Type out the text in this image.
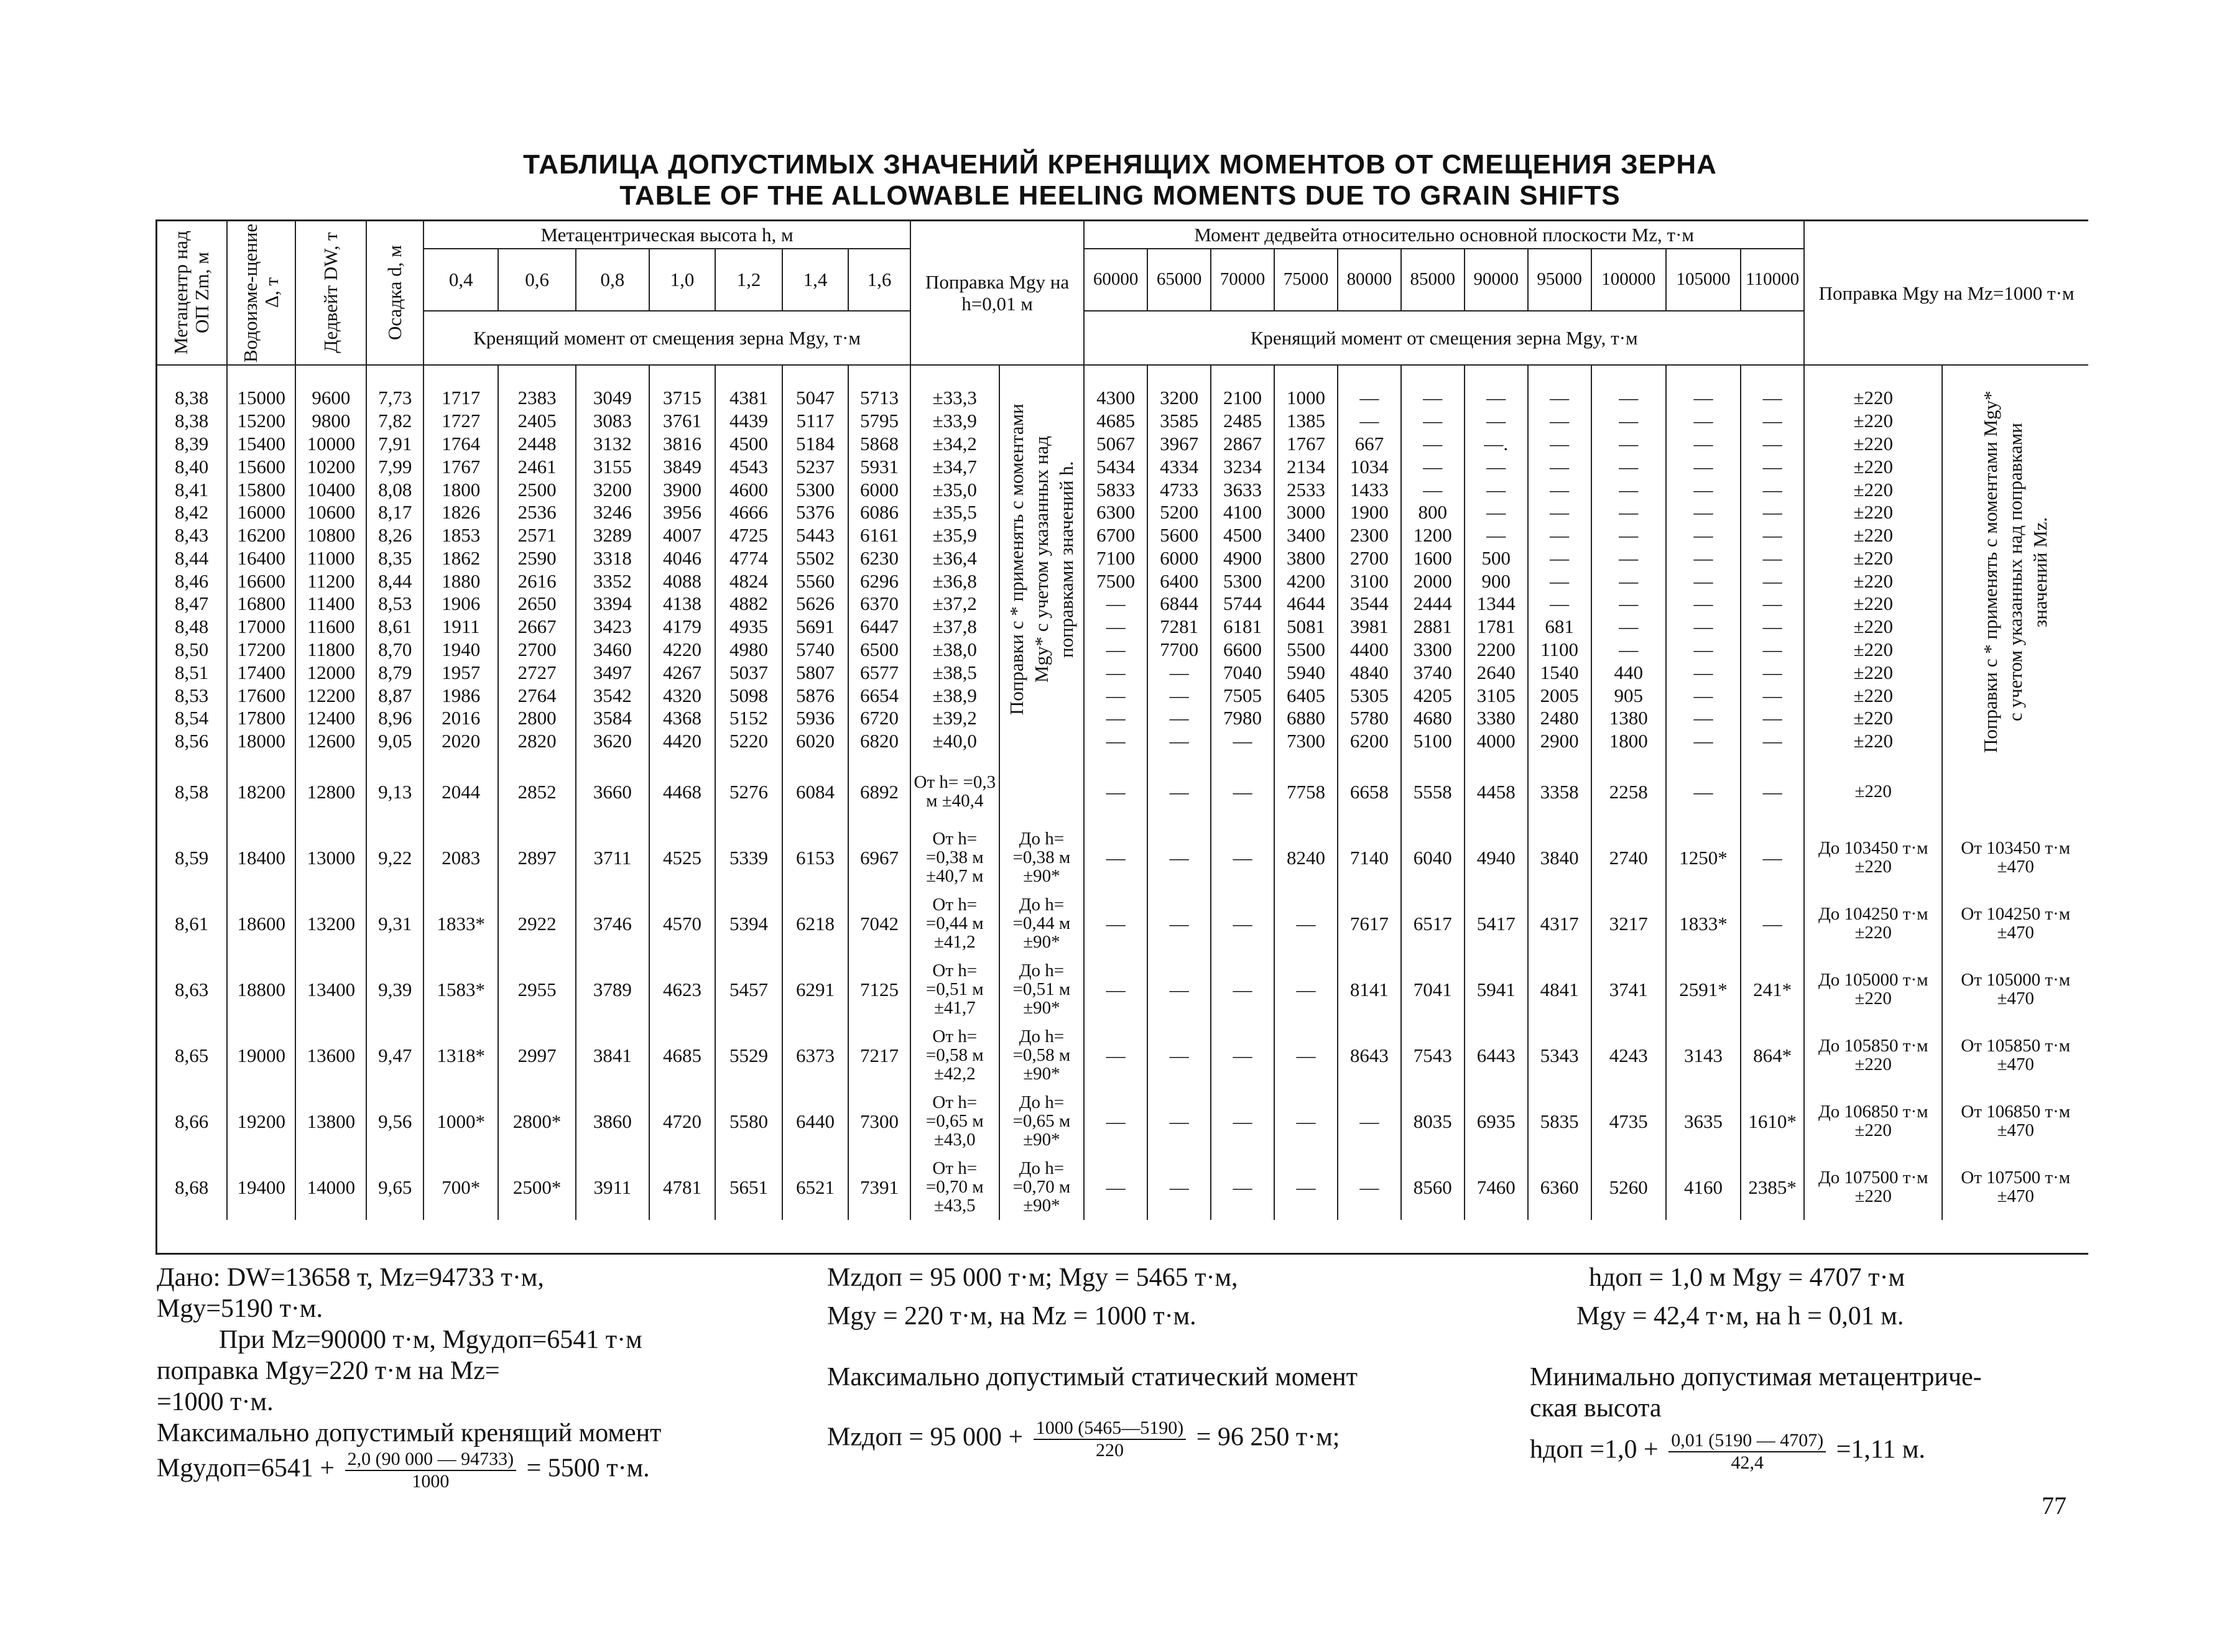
ТАБЛИЦА ДОПУСТИМЫХ ЗНАЧЕНИЙ КРЕНЯЩИХ МОМЕНТОВ ОТ СМЕЩЕНИЯ ЗЕРНА
TABLE OF THE ALLOWABLE HEELING MOMENTS DUE TO GRAIN SHIFTS
Метацентр над ОП Zm, м	Водоизме-щение Δ, т	Дедвейт DW, т	Осадка d, м	Метацентрическая высота h, м							Поправка Mgy на h=0,01 м		Момент дедвейта относительно основной плоскости Mz, т·м											Поправка Mgy на Mz=1000 т·м	
				0,4	0,6	0,8	1,0	1,2	1,4	1,6			60000	65000	70000	75000	80000	85000	90000	95000	100000	105000	110000		
				Кренящий момент от смещения зерна Mgy, т·м									Кренящий момент от смещения зерна Mgy, т·м												
8,38	15000	9600	7,73	1717	2383	3049	3715	4381	5047	5713	±33,3	Поправки с * применять с моментами Mgy* с учетом указанных над поправками значений h.	4300	3200	2100	1000	—	—	—	—	—	—	—	±220	Поправки с * применять с моментами Mgy* с учетом указанных над поправками значений Mz.

8,38	15200	9800	7,82	1727	2405	3083	3761	4439	5117	5795	±33,9		4685	3585	2485	1385	—	—	—	—	—	—	—	±220	
8,39	15400	10000	7,91	1764	2448	3132	3816	4500	5184	5868	±34,2		5067	3967	2867	1767	667	—	—.	—	—	—	—	±220	
8,40	15600	10200	7,99	1767	2461	3155	3849	4543	5237	5931	±34,7		5434	4334	3234	2134	1034	—	—	—	—	—	—	±220	
8,41	15800	10400	8,08	1800	2500	3200	3900	4600	5300	6000	±35,0		5833	4733	3633	2533	1433	—	—	—	—	—	—	±220	
8,42	16000	10600	8,17	1826	2536	3246	3956	4666	5376	6086	±35,5		6300	5200	4100	3000	1900	800	—	—	—	—	—	±220	
8,43	16200	10800	8,26	1853	2571	3289	4007	4725	5443	6161	±35,9		6700	5600	4500	3400	2300	1200	—	—	—	—	—	±220	
8,44	16400	11000	8,35	1862	2590	3318	4046	4774	5502	6230	±36,4		7100	6000	4900	3800	2700	1600	500	—	—	—	—	±220	
8,46	16600	11200	8,44	1880	2616	3352	4088	4824	5560	6296	±36,8		7500	6400	5300	4200	3100	2000	900	—	—	—	—	±220	
8,47	16800	11400	8,53	1906	2650	3394	4138	4882	5626	6370	±37,2		—	6844	5744	4644	3544	2444	1344	—	—	—	—	±220	
8,48	17000	11600	8,61	1911	2667	3423	4179	4935	5691	6447	±37,8		—	7281	6181	5081	3981	2881	1781	681	—	—	—	±220	
8,50	17200	11800	8,70	1940	2700	3460	4220	4980	5740	6500	±38,0		—	7700	6600	5500	4400	3300	2200	1100	—	—	—	±220	
8,51	17400	12000	8,79	1957	2727	3497	4267	5037	5807	6577	±38,5		—	—	7040	5940	4840	3740	2640	1540	440	—	—	±220	
8,53	17600	12200	8,87	1986	2764	3542	4320	5098	5876	6654	±38,9		—	—	7505	6405	5305	4205	3105	2005	905	—	—	±220	
8,54	17800	12400	8,96	2016	2800	3584	4368	5152	5936	6720	±39,2		—	—	7980	6880	5780	4680	3380	2480	1380	—	—	±220	
8,56	18000	12600	9,05	2020	2820	3620	4420	5220	6020	6820	±40,0		—	—	—	7300	6200	5100	4000	2900	1800	—	—	±220	

8,58	18200	12800	9,13	2044	2852	3660	4468	5276	6084	6892	От h= =0,3 м ±40,4		—	—	—	7758	6658	5558	4458	3358	2258	—	—	±220	
8,59	18400	13000	9,22	2083	2897	3711	4525	5339	6153	6967	От h= =0,38 м ±40,7 м	До h= =0,38 м ±90*	—	—	—	8240	7140	6040	4940	3840	2740	1250*	—	До 103450 т·м ±220	От 103450 т·м ±470
8,61	18600	13200	9,31	1833*	2922	3746	4570	5394	6218	7042	От h= =0,44 м ±41,2	До h= =0,44 м ±90*	—	—	—	—	7617	6517	5417	4317	3217	1833*	—	До 104250 т·м ±220	От 104250 т·м ±470
8,63	18800	13400	9,39	1583*	2955	3789	4623	5457	6291	7125	От h= =0,51 м ±41,7	До h= =0,51 м ±90*	—	—	—	—	8141	7041	5941	4841	3741	2591*	241*	До 105000 т·м ±220	От 105000 т·м ±470
8,65	19000	13600	9,47	1318*	2997	3841	4685	5529	6373	7217	От h= =0,58 м ±42,2	До h= =0,58 м ±90*	—	—	—	—	8643	7543	6443	5343	4243	3143	864*	До 105850 т·м ±220	От 105850 т·м ±470
8,66	19200	13800	9,56	1000*	2800*	3860	4720	5580	6440	7300	От h= =0,65 м ±43,0	До h= =0,65 м ±90*	—	—	—	—	—	8035	6935	5835	4735	3635	1610*	До 106850 т·м ±220	От 106850 т·м ±470
8,68	19400	14000	9,65	700*	2500*	3911	4781	5651	6521	7391	От h= =0,70 м ±43,5	До h= =0,70 м ±90*	—	—	—	—	—	8560	7460	6360	5260	4160	2385*	До 107500 т·м ±220	От 107500 т·м ±470
Дано: DW=13658 т, Mz=94733 т·м,
Mgy=5190 т·м.
При Mz=90000 т·м, Mgyдоп=6541 т·м
поправка Mgy=220 т·м на Mz=
=1000 т·м.
Максимально допустимый кренящий момент
Mgyдоп=6541 + $\frac{2,0 (90 000 — 94733)}{1000} = 5500$ т·м.
Mzдоп = 95 000 т·м; Mgy = 5465 т·м,
Mgy = 220 т·м, на Mz = 1000 т·м.
Максимально допустимый статический момент
Mzдоп = 95 $000 + \frac{1000 (5465—5190)}{220} = 96$ 250 т·м;
hдоп = 1,0 м Mgy = 4707 т·м
Mgy = 42,4 т·м, на h = 0,01 м.
Минимально допустимая метацентриче-
ская высота
hдоп $=1,0 + \frac{0,01 (5190 — 4707)}{42,4} =1,11$ м.
77
